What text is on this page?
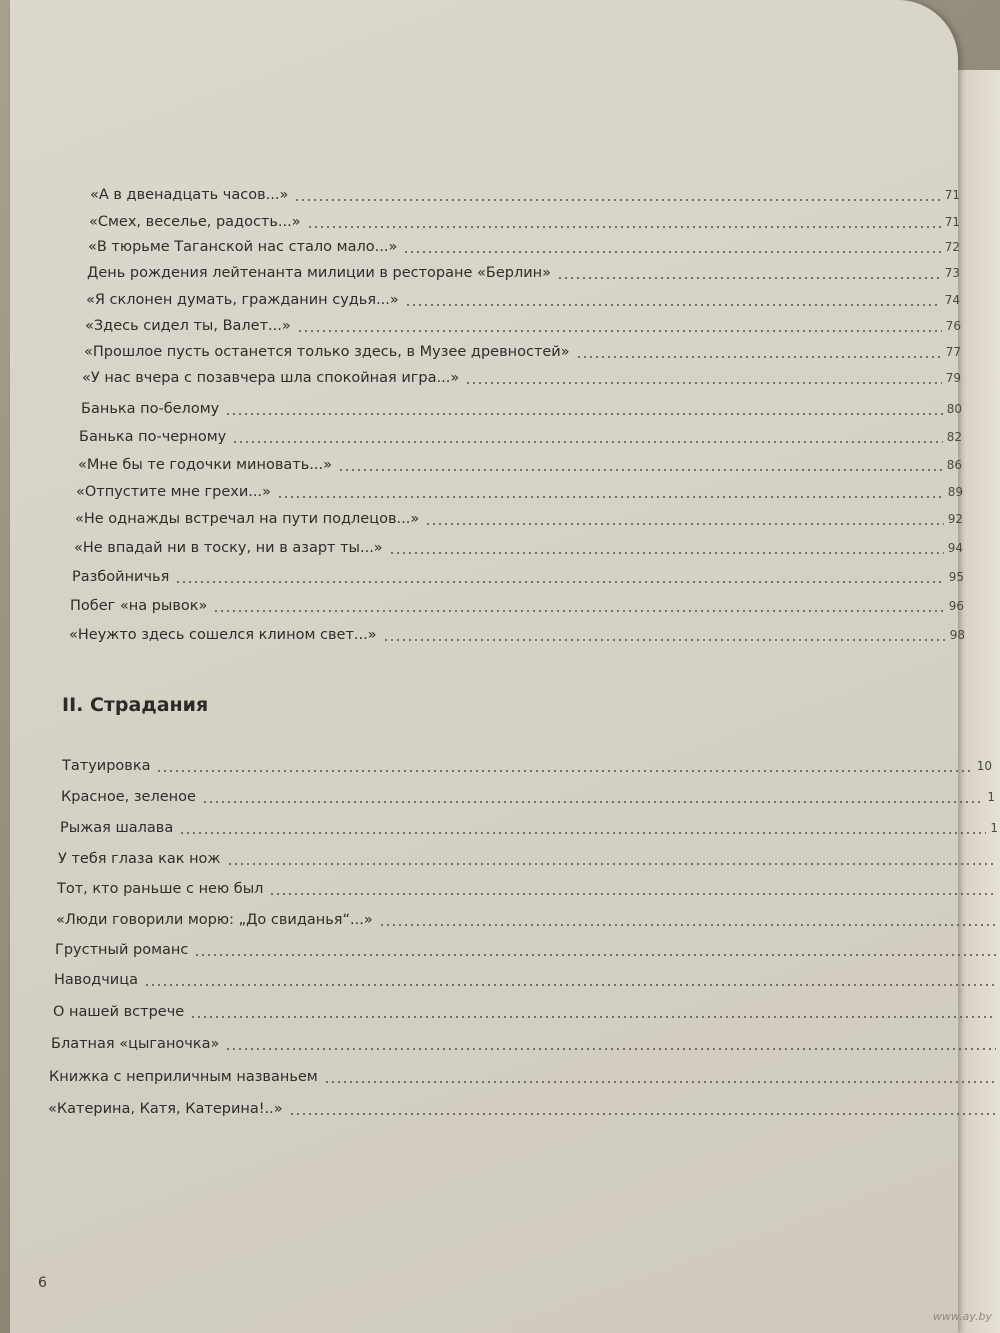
«А в двенадцать часов...»	71
«Смех, веселье, радость...»	71
«В тюрьме Таганской нас стало мало...»	72
День рождения лейтенанта милиции в ресторане «Берлин»	73
«Я склонен думать, гражданин судья...»	74
«Здесь сидел ты, Валет...»	76
«Прошлое пусть останется только здесь, в Музее древностей»	77
«У нас вчера с позавчера шла спокойная игра...»	79
Банька по-белому	80
Банька по-черному	82
«Мне бы те годочки миновать...»	86
«Отпустите мне грехи...»	89
«Не однажды встречал на пути подлецов...»	92
«Не впадай ни в тоску, ни в азарт ты...»	94
Разбойничья	95
Побег «на рывок»	96
«Неужто здесь сошелся клином свет...»	98
II. Страдания
Татуировка	10
Красное, зеленое	1
Рыжая шалава	1
У тебя глаза как нож
Тот, кто раньше с нею был
«Люди говорили морю: „До свиданья“...»
Грустный романс
Наводчица
О нашей встрече
Блатная «цыганочка»
Книжка с неприличным названьем
«Катерина, Катя, Катерина!..»
6
www.ay.by
